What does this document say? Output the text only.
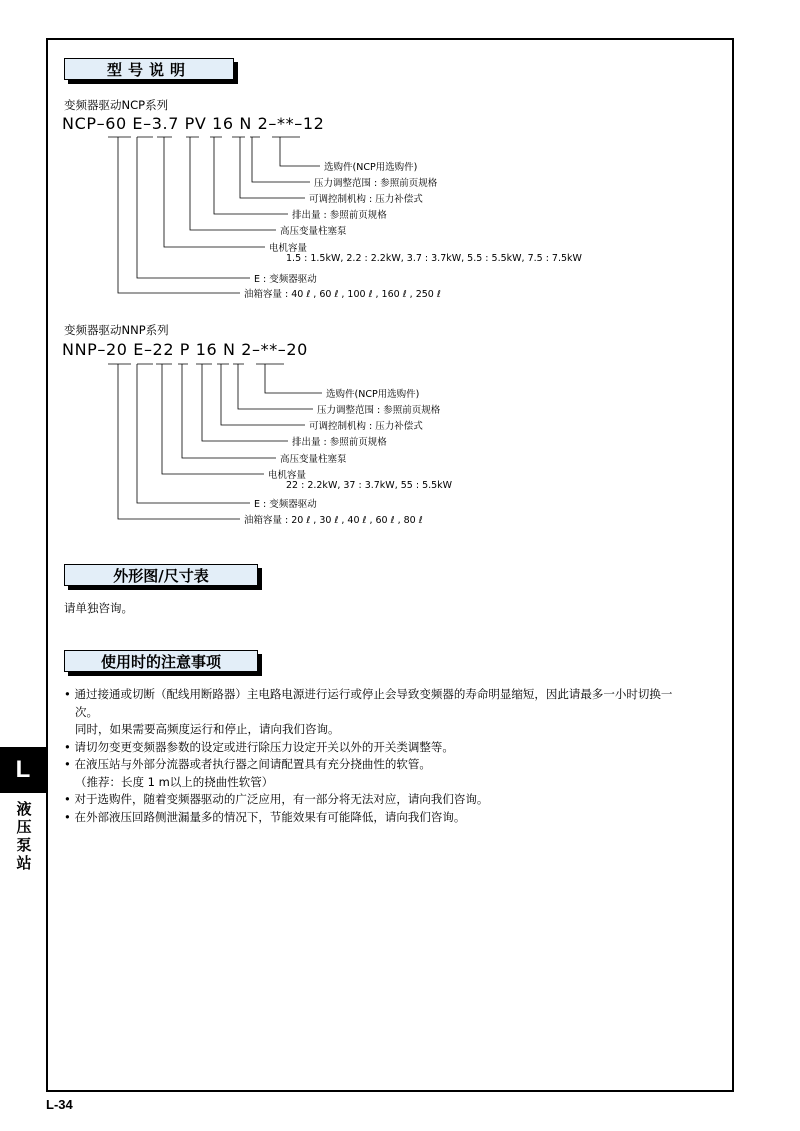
型号说明
变频器驱动NCP系列
NCP–60 E–3.7 PV 16 N 2–**–12
选购件(NCP用选购件)
压力调整范围 : 参照前页规格
可调控制机构 : 压力补偿式
排出量 : 参照前页规格
高压变量柱塞泵
电机容量
1.5 : 1.5kW, 2.2 : 2.2kW, 3.7 : 3.7kW, 5.5 : 5.5kW, 7.5 : 7.5kW
E : 变频器驱动
油箱容量 : 40 ℓ , 60 ℓ , 100 ℓ , 160 ℓ , 250 ℓ
变频器驱动NNP系列
NNP–20 E–22 P 16 N 2–**–20
选购件(NCP用选购件)
压力调整范围 : 参照前页规格
可调控制机构 : 压力补偿式
排出量 : 参照前页规格
高压变量柱塞泵
电机容量
22 : 2.2kW, 37 : 3.7kW, 55 : 5.5kW
E : 变频器驱动
油箱容量 : 20 ℓ , 30 ℓ , 40 ℓ , 60 ℓ , 80 ℓ
外形图/尺寸表
请单独咨询。
使用时的注意事项
• 通过接通或切断（配线用断路器）主电路电源进行运行或停止会导致变频器的寿命明显缩短，因此请最多一小时切换一
次。
同时，如果需要高频度运行和停止，请向我们咨询。
• 请切勿变更变频器参数的设定或进行除压力设定开关以外的开关类调整等。
• 在液压站与外部分流器或者执行器之间请配置具有充分挠曲性的软管。
（推荐：长度 1 m以上的挠曲性软管）
• 对于选购件，随着变频器驱动的广泛应用，有一部分将无法对应，请向我们咨询。
• 在外部液压回路侧泄漏量多的情况下，节能效果有可能降低，请向我们咨询。
L
液
压
泵
站
L-34
